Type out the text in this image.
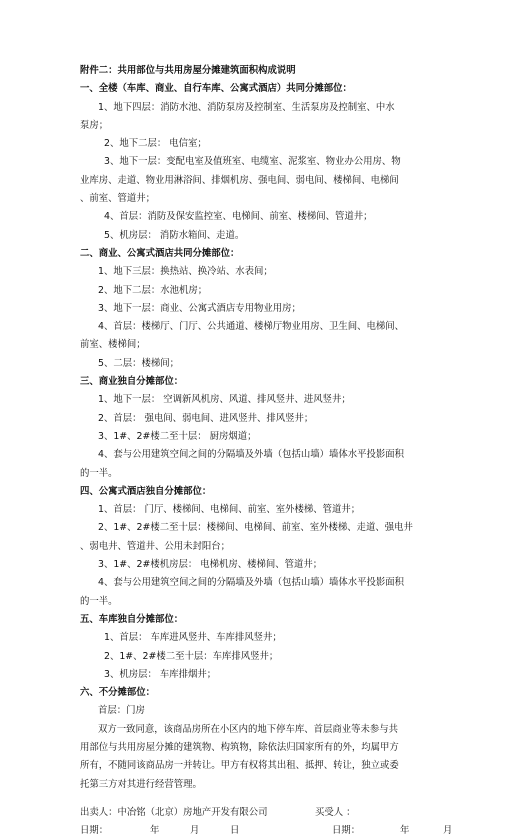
附件二：共用部位与共用房屋分摊建筑面积构成说明
一、全楼（车库、商业、自行车库、公寓式酒店）共同分摊部位：
1、地下四层：消防水池、消防泵房及控制室、生活泵房及控制室、中水
泵房；
2、地下二层： 电信室；
3、地下一层：变配电室及值班室、电缆室、泥浆室、物业办公用房、物
业库房、走道、物业用淋浴间、排烟机房、强电间、弱电间、楼梯间、电梯间
、前室、管道井；
4、首层：消防及保安监控室、电梯间、前室、楼梯间、管道井；
5、机房层： 消防水箱间、走道。
二、商业、公寓式酒店共同分摊部位：
1、地下三层：换热站、换冷站、水表间；
2、地下二层：水池机房；
3、地下一层：商业、公寓式酒店专用物业用房；
4、首层：楼梯厅、门厅、公共通道、楼梯厅物业用房、卫生间、电梯间、
前室、楼梯间；
5、二层：楼梯间；
三、商业独自分摊部位：
1、地下一层： 空调新风机房、风道、排风竖井、进风竖井；
2、首层： 强电间、弱电间、进风竖井、排风竖井；
3、1#、2#楼二至十层： 厨房烟道；
4、套与公用建筑空间之间的分隔墙及外墙（包括山墙）墙体水平投影面积
的一半。
四、公寓式酒店独自分摊部位：
1、首层： 门厅、楼梯间、电梯间、前室、室外楼梯、管道井；
2、1#、2#楼二至十层：楼梯间、电梯间、前室、室外楼梯、走道、强电井
、弱电井、管道井、公用未封阳台；
3、1#、2#楼机房层： 电梯机房、楼梯间、管道井；
4、套与公用建筑空间之间的分隔墙及外墙（包括山墙）墙体水平投影面积
的一半。
五、车库独自分摊部位：
1、首层： 车库进风竖井、车库排风竖井；
2、1#、2#楼二至十层：车库排风竖井；
3、机房层： 车库排烟井；
六、不分摊部位：
首层：门房
双方一致同意，该商品房所在小区内的地下停车库、首层商业等未参与共
用部位与共用房屋分摊的建筑物、构筑物，除依法归国家所有的外，均属甲方
所有，不随同该商品房一并转让。甲方有权将其出租、抵押、转让，独立或委
托第三方对其进行经营管理。
出卖人：中冶铭（北京）房地产开发有限公司	买受人 ：
日期：	年	月	日	日期：	年	月
